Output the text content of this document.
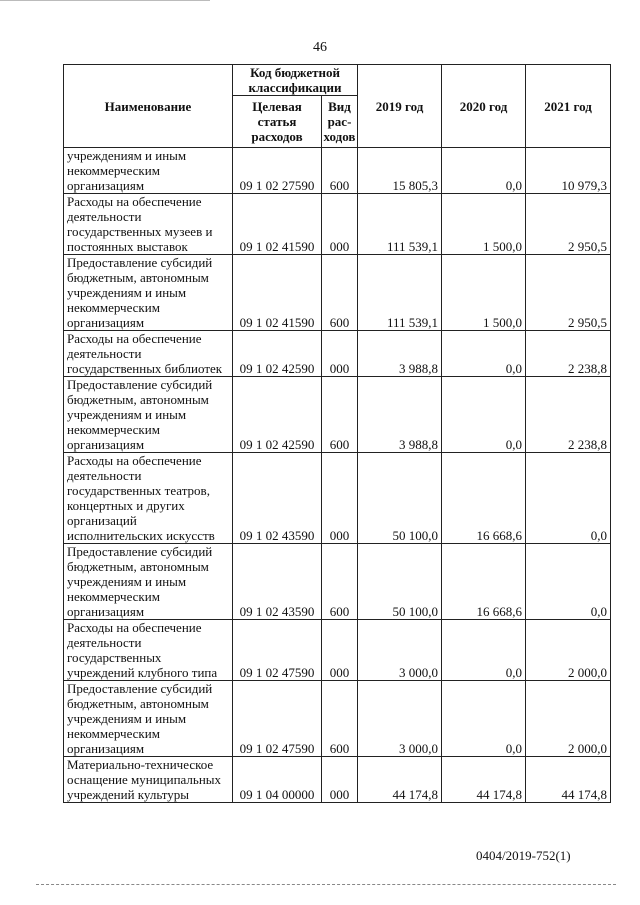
46
Наименование	Код бюджетной классификации		2019 год	2020 год	2021 год
	Целевая статья расходов	Вид рас- ходов			
учреждениям и иным некоммерческим организациям	09 1 02 27590	600	15 805,3	0,0	10 979,3
Расходы на обеспечение деятельности государственных музеев и постоянных выставок	09 1 02 41590	000	111 539,1	1 500,0	2 950,5
Предоставление субсидий бюджетным, автономным учреждениям и иным некоммерческим организациям	09 1 02 41590	600	111 539,1	1 500,0	2 950,5
Расходы на обеспечение деятельности государственных библиотек	09 1 02 42590	000	3 988,8	0,0	2 238,8
Предоставление субсидий бюджетным, автономным учреждениям и иным некоммерческим организациям	09 1 02 42590	600	3 988,8	0,0	2 238,8
Расходы на обеспечение деятельности государственных театров, концертных и других организаций исполнительских искусств	09 1 02 43590	000	50 100,0	16 668,6	0,0
Предоставление субсидий бюджетным, автономным учреждениям и иным некоммерческим организациям	09 1 02 43590	600	50 100,0	16 668,6	0,0
Расходы на обеспечение деятельности государственных учреждений клубного типа	09 1 02 47590	000	3 000,0	0,0	2 000,0
Предоставление субсидий бюджетным, автономным учреждениям и иным некоммерческим организациям	09 1 02 47590	600	3 000,0	0,0	2 000,0
Материально-техническое оснащение муниципальных учреждений культуры	09 1 04 00000	000	44 174,8	44 174,8	44 174,8
0404/2019-752(1)
